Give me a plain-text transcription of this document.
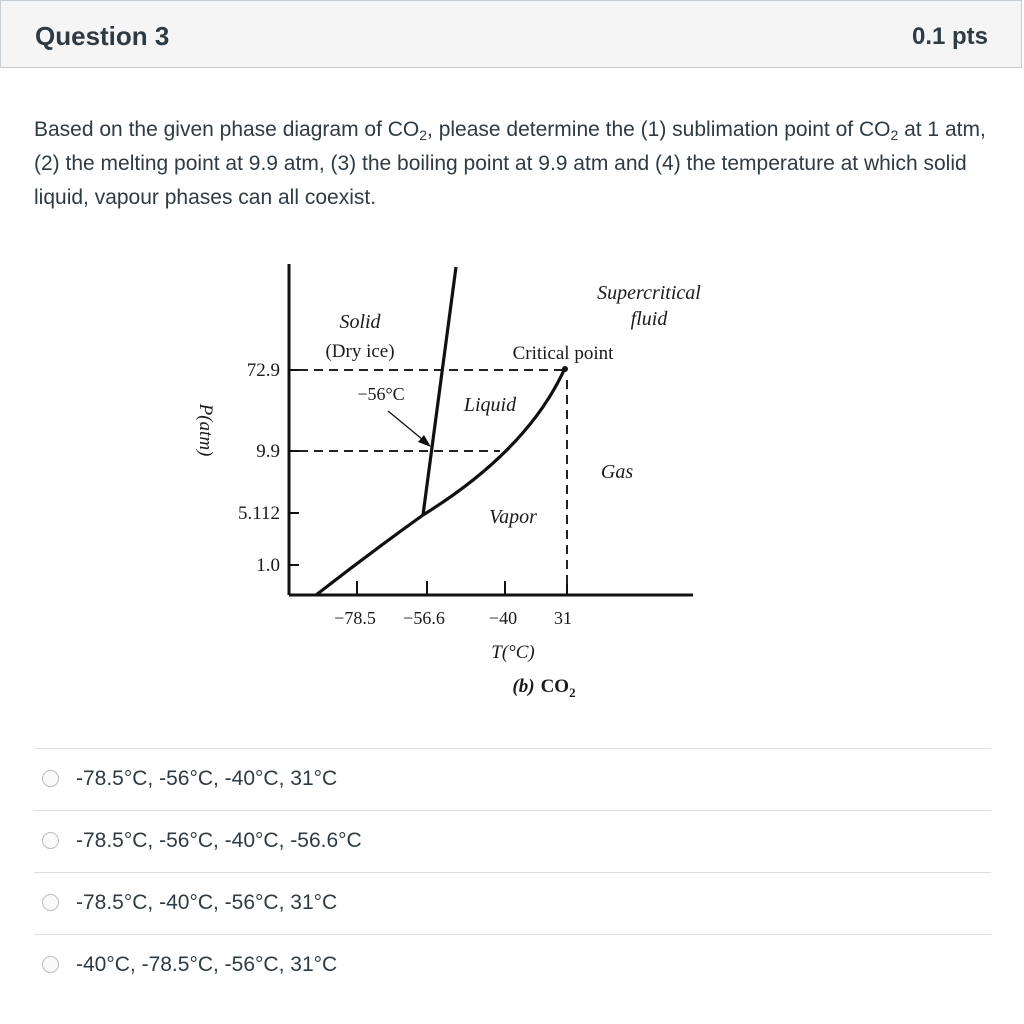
Question 3	0.1 pts
Based on the given phase diagram of $CO_2$, please determine the (1) sublimation point of $CO_2$ at 1 atm, (2) the melting point at 9.9 atm, (3) the boiling point at 9.9 atm and (4) the temperature at which solid liquid, vapour phases can all coexist.
Solid
(Dry ice)
Supercritical
fluid
Critical point
−56°C	Liquid
Gas
Vapor
P(atm)
72.9
9.9
5.112
1.0
−78.5 −56.6 −40 31
T(°C)
(b) $CO_2$
-78.5°C, -56°C, -40°C, 31°C
-78.5°C, -56°C, -40°C, -56.6°C
-78.5°C, -40°C, -56°C, 31°C
-40°C, -78.5°C, -56°C, 31°C
